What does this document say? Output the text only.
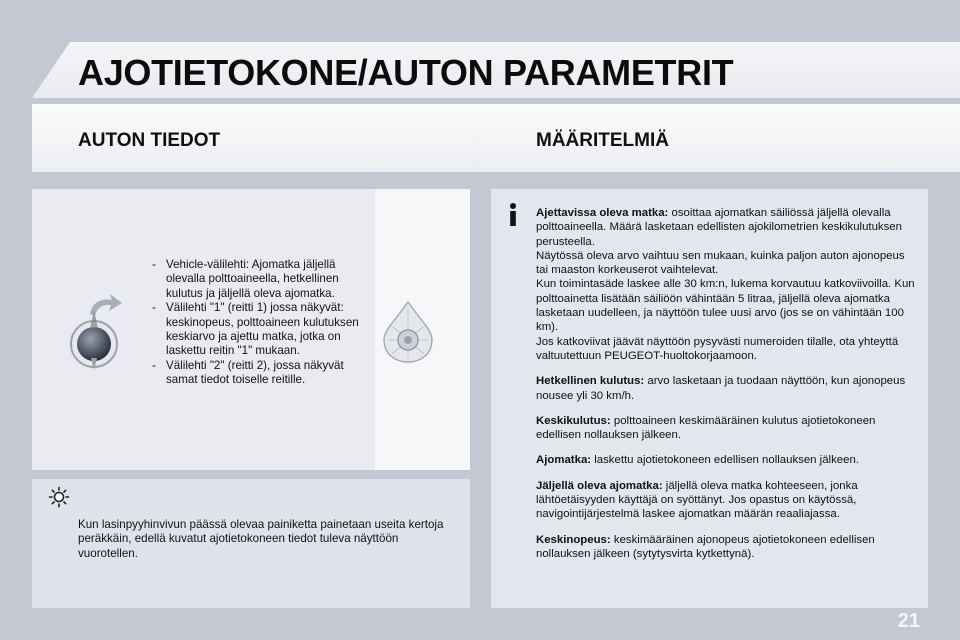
AJOTIETOKONE/AUTON PARAMETRIT
AUTON TIEDOT	MÄÄRITELMIÄ
- Vehicle-välilehti: Ajomatka jäljellä olevalla polttoaineella, hetkellinen kulutus ja jäljellä oleva ajomatka.
- Välilehti "1" (reitti 1) jossa näkyvät: keskinopeus, polttoaineen kulutuksen keskiarvo ja ajettu matka, jotka on laskettu reitin "1" mukaan.
- Välilehti "2" (reitti 2), jossa näkyvät samat tiedot toiselle reitille.
Kun lasinpyyhinvivun päässä olevaa painiketta painetaan useita kertoja peräkkäin, edellä kuvatut ajotietokoneen tiedot tuleva näyttöön vuorotellen.

Ajettavissa oleva matka: osoittaa ajomatkan säiliössä jäljellä olevalla polttoaineella. Määrä lasketaan edellisten ajokilometrien keskikulutuksen perusteella.
Näytössä oleva arvo vaihtuu sen mukaan, kuinka paljon auton ajonopeus tai maaston korkeuserot vaihtelevat.
Kun toimintasäde laskee alle 30 km:n, lukema korvautuu katkoviivoilla. Kun polttoainetta lisätään säiliöön vähintään 5 litraa, jäljellä oleva ajomatka lasketaan uudelleen, ja näyttöön tulee uusi arvo (jos se on vähintään 100 km).
Jos katkoviivat jäävät näyttöön pysyvästi numeroiden tilalle, ota yhteyttä valtuutettuun PEUGEOT-huoltokorjaamoon.

Hetkellinen kulutus: arvo lasketaan ja tuodaan näyttöön, kun ajonopeus nousee yli 30 km/h.

Keskikulutus: polttoaineen keskimääräinen kulutus ajotietokoneen edellisen nollauksen jälkeen.

Ajomatka: laskettu ajotietokoneen edellisen nollauksen jälkeen.

Jäljellä oleva ajomatka: jäljellä oleva matka kohteeseen, jonka lähtöetäisyyden käyttäjä on syöttänyt. Jos opastus on käytössä, navigointijärjestelmä laskee ajomatkan määrän reaaliajassa.

Keskinopeus: keskimääräinen ajonopeus ajotietokoneen edellisen nollauksen jälkeen (sytytysvirta kytkettynä).

21
